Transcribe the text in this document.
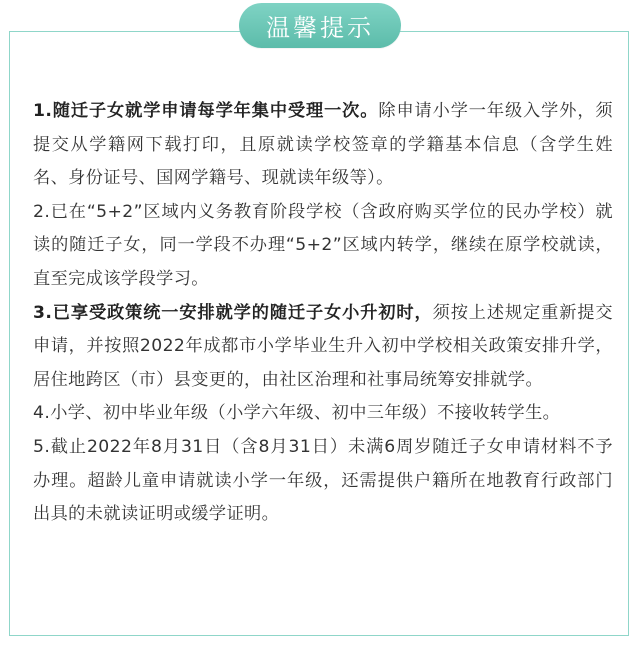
温馨提示

1.随迁子女就学申请每学年集中受理一次。除申请小学一年级入学外，须提交从学籍网下载打印，且原就读学校签章的学籍基本信息（含学生姓名、身份证号、国网学籍号、现就读年级等）。

2.已在“5+2”区域内义务教育阶段学校（含政府购买学位的民办学校）就读的随迁子女，同一学段不办理“5+2”区域内转学，继续在原学校就读，直至完成该学段学习。

3.已享受政策统一安排就学的随迁子女小升初时，须按上述规定重新提交申请，并按照2022年成都市小学毕业生升入初中学校相关政策安排升学，居住地跨区（市）县变更的，由社区治理和社事局统筹安排就学。

4.小学、初中毕业年级（小学六年级、初中三年级）不接收转学生。

5.截止2022年8月31日（含8月31日）未满6周岁随迁子女申请材料不予办理。超龄儿童申请就读小学一年级，还需提供户籍所在地教育行政部门出具的未就读证明或缓学证明。
